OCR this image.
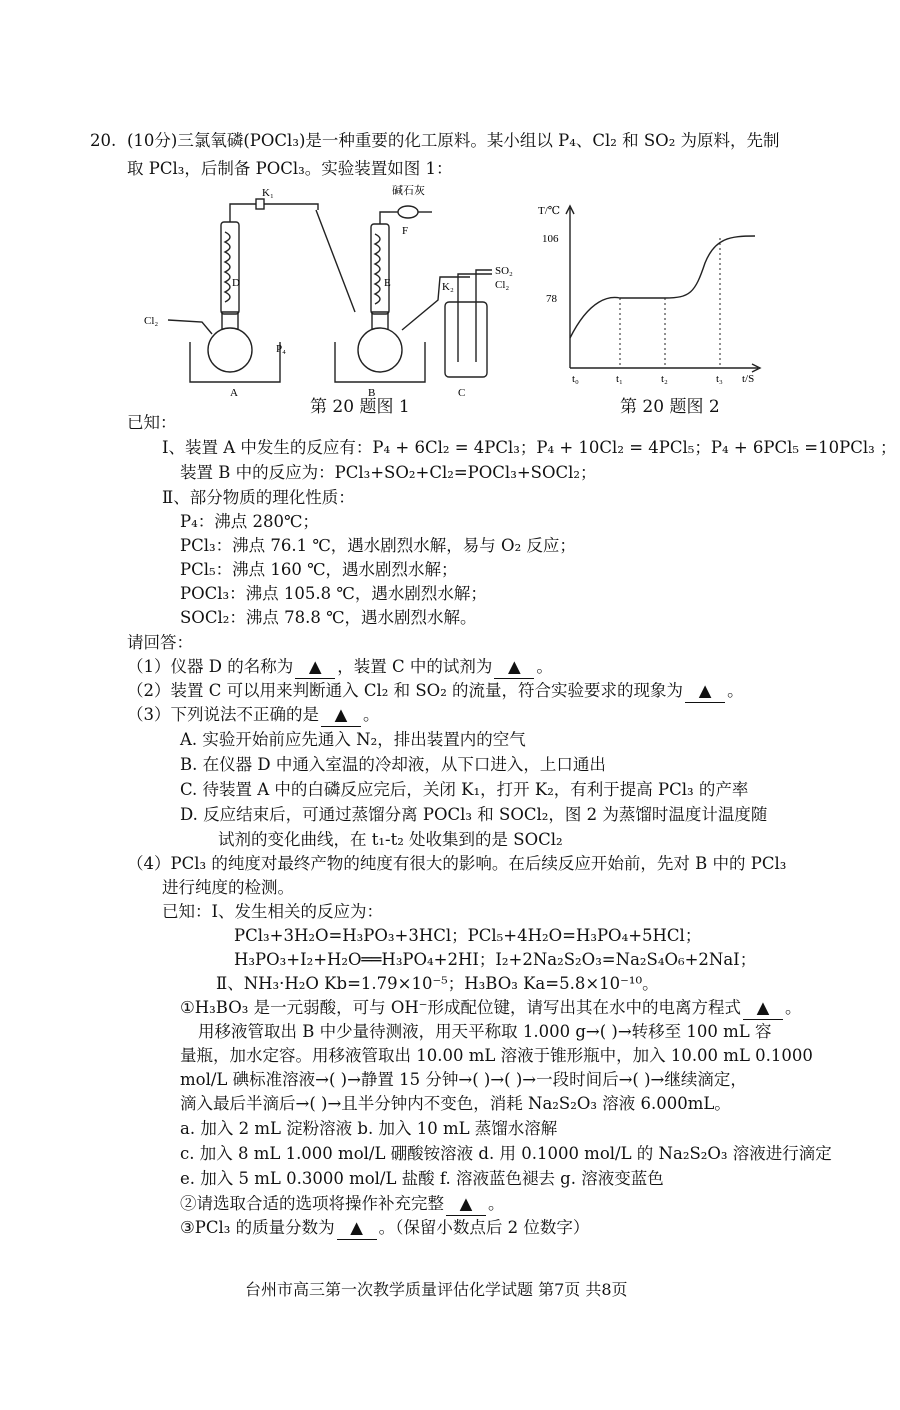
20. (10分)三氯氧磷(POCl₃)是一种重要的化工原料。某小组以 P₄、Cl₂ 和 SO₂ 为原料，先制
取 PCl₃，后制备 POCl₃。实验装置如图 1：
K₁	碱石灰
F
D	E
Cl₂
P₄
A	B	C
K₂
SO₂
Cl₂
第 20 题图 1
T/℃
106
78
t₀	t₁	t₂	t₃ t/S
第 20 题图 2
已知：
Ⅰ、装置 A 中发生的反应有：P₄ + 6Cl₂ = 4PCl₃；P₄ + 10Cl₂ = 4PCl₅；P₄ + 6PCl₅ =10PCl₃ ；
装置 B 中的反应为：PCl₃+SO₂+Cl₂=POCl₃+SOCl₂；
Ⅱ、部分物质的理化性质：
P₄：沸点 280℃；
PCl₃：沸点 76.1 ℃，遇水剧烈水解，易与 O₂ 反应；
PCl₅：沸点 160 ℃，遇水剧烈水解；
POCl₃：沸点 105.8 ℃，遇水剧烈水解；
SOCl₂：沸点 78.8 ℃，遇水剧烈水解。
请回答：
（1）仪器 D 的名称为 ▲ ，装置 C 中的试剂为 ▲ 。
（2）装置 C 可以用来判断通入 Cl₂ 和 SO₂ 的流量，符合实验要求的现象为 ▲ 。
（3）下列说法不正确的是 ▲ 。
A. 实验开始前应先通入 N₂，排出装置内的空气
B. 在仪器 D 中通入室温的冷却液，从下口进入，上口通出
C. 待装置 A 中的白磷反应完后，关闭 K₁，打开 K₂，有利于提高 PCl₃ 的产率
D. 反应结束后，可通过蒸馏分离 POCl₃ 和 SOCl₂，图 2 为蒸馏时温度计温度随
试剂的变化曲线，在 t₁-t₂ 处收集到的是 SOCl₂
（4）PCl₃ 的纯度对最终产物的纯度有很大的影响。在后续反应开始前，先对 B 中的 PCl₃
进行纯度的检测。
已知：Ⅰ、发生相关的反应为：
PCl₃+3H₂O=H₃PO₃+3HCl；PCl₅+4H₂O=H₃PO₄+5HCl；
H₃PO₃+I₂+H₂O══H₃PO₄+2HI；I₂+2Na₂S₂O₃=Na₂S₄O₆+2NaI；
Ⅱ、NH₃·H₂O Kb=1.79×10⁻⁵；H₃BO₃ Ka=5.8×10⁻¹⁰。
①H₃BO₃ 是一元弱酸，可与 OH⁻形成配位键，请写出其在水中的电离方程式 ▲ 。
用移液管取出 B 中少量待测液，用天平称取 1.000 g→( )→转移至 100 mL 容
量瓶，加水定容。用移液管取出 10.00 mL 溶液于锥形瓶中，加入 10.00 mL 0.1000
mol/L 碘标准溶液→( )→静置 15 分钟→( )→( )→一段时间后→( )→继续滴定，
滴入最后半滴后→( )→且半分钟内不变色，消耗 Na₂S₂O₃ 溶液 6.000mL。
a. 加入 2 mL 淀粉溶液 b. 加入 10 mL 蒸馏水溶解
c. 加入 8 mL 1.000 mol/L 硼酸铵溶液 d. 用 0.1000 mol/L 的 Na₂S₂O₃ 溶液进行滴定
e. 加入 5 mL 0.3000 mol/L 盐酸 f. 溶液蓝色褪去 g. 溶液变蓝色
②请选取合适的选项将操作补充完整 ▲ 。
③PCl₃ 的质量分数为 ▲ 。（保留小数点后 2 位数字）
台州市高三第一次教学质量评估化学试题 第7页 共8页
